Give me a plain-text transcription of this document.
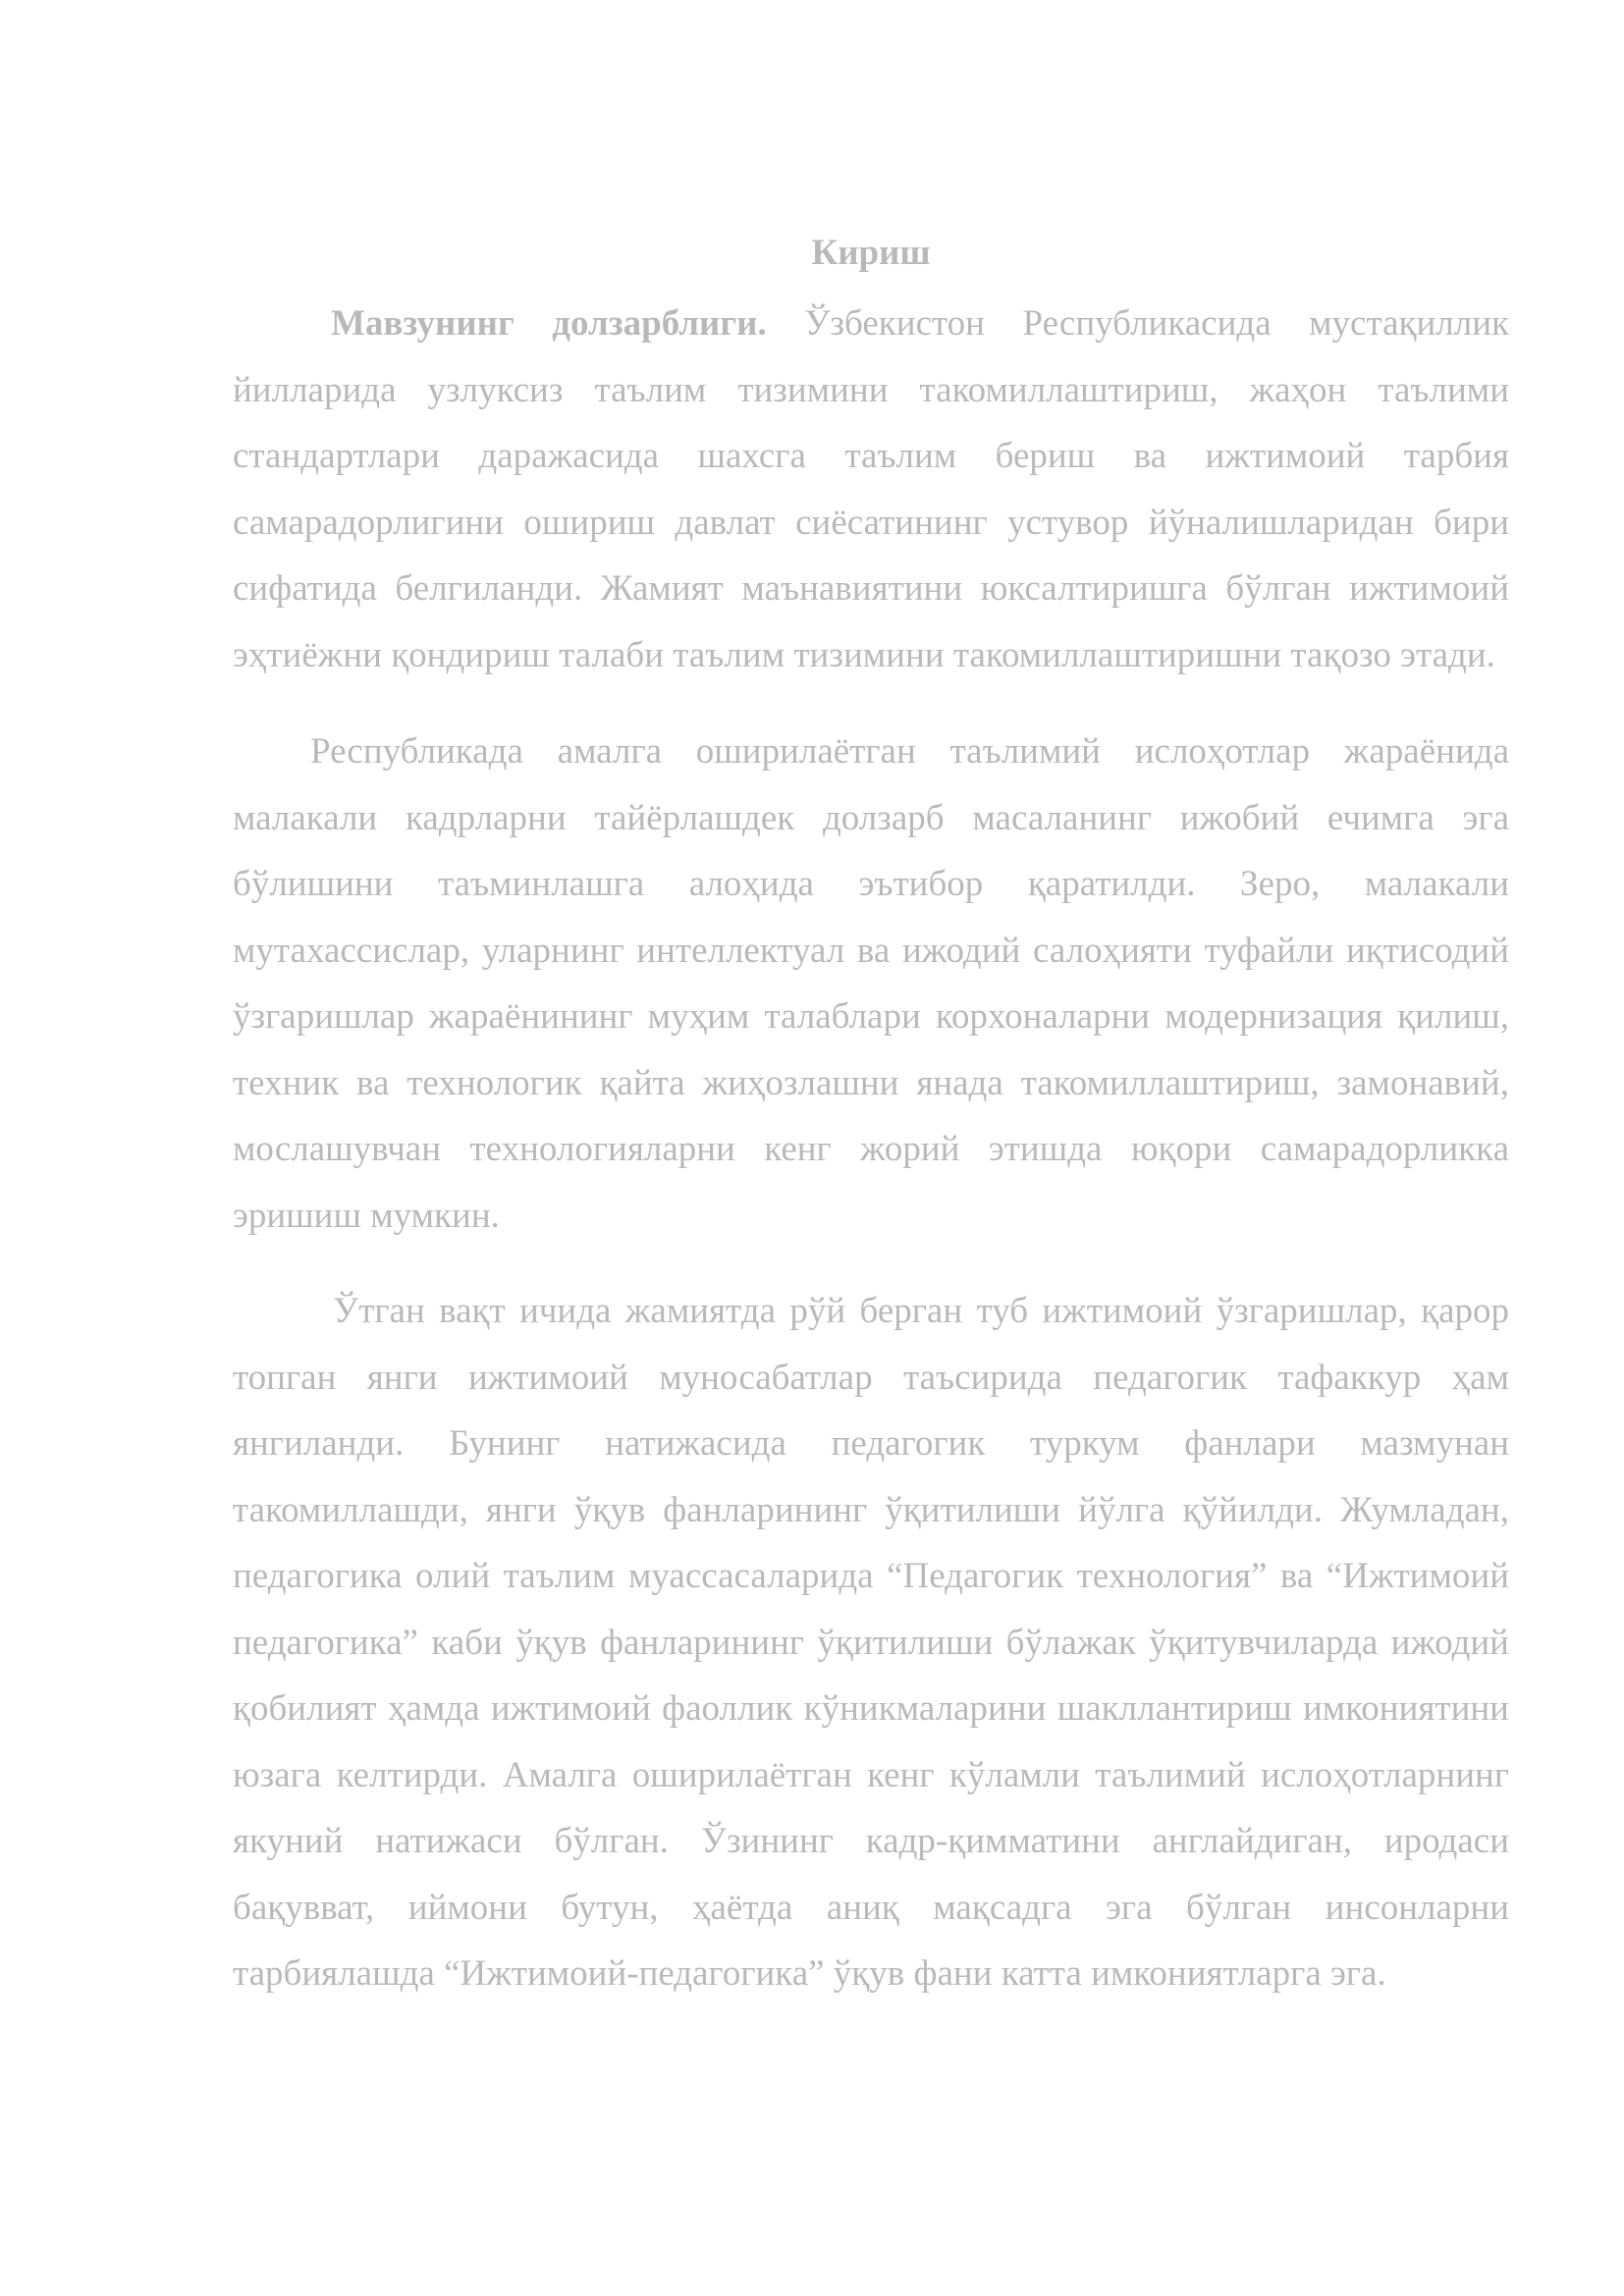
Кириш

Мавзунинг долзарблиги. Ўзбекистон Республикасида мустақиллик йилларида узлуксиз таълим тизимини такомиллаштириш, жаҳон таълими стандартлари даражасида шахсга таълим бериш ва ижтимоий тарбия самарадорлигини ошириш давлат сиёсатининг устувор йўналишларидан бири сифатида белгиланди. Жамият маънавиятини юксалтиришга бўлган ижтимоий эҳтиёжни қондириш талаби таълим тизимини такомиллаштиришни тақозо этади.

Республикада амалга оширилаётган таълимий ислоҳотлар жараёнида малакали кадрларни тайёрлашдек долзарб масаланинг ижобий ечимга эга бўлишини таъминлашга алоҳида эътибор қаратилди. Зеро, малакали мутахассислар, уларнинг интеллектуал ва ижодий салоҳияти туфайли иқтисодий ўзгаришлар жараёнининг муҳим талаблари корхоналарни модернизация қилиш, техник ва технологик қайта жиҳозлашни янада такомиллаштириш, замонавий, мослашувчан технологияларни кенг жорий этишда юқори самарадорликка эришиш мумкин.

Ўтган вақт ичида жамиятда рўй берган туб ижтимоий ўзгаришлар, қарор топган янги ижтимоий муносабатлар таъсирида педагогик тафаккур ҳам янгиланди. Бунинг натижасида педагогик туркум фанлари мазмунан такомиллашди, янги ўқув фанларининг ўқитилиши йўлга қўйилди. Жумладан, педагогика олий таълим муассасаларида “Педагогик технология” ва “Ижтимоий педагогика” каби ўқув фанларининг ўқитилиши бўлажак ўқитувчиларда ижодий қобилият ҳамда ижтимоий фаоллик кўникмаларини шакллантириш имкониятини юзага келтирди. Амалга оширилаётган кенг кўламли таълимий ислоҳотларнинг якуний натижаси бўлган. Ўзининг кадр-қимматини англайдиган, иродаси бақувват, иймони бутун, ҳаётда аниқ мақсадга эга бўлган инсонларни тарбиялашда “Ижтимоий-педагогика” ўқув фани катта имкониятларга эга.
